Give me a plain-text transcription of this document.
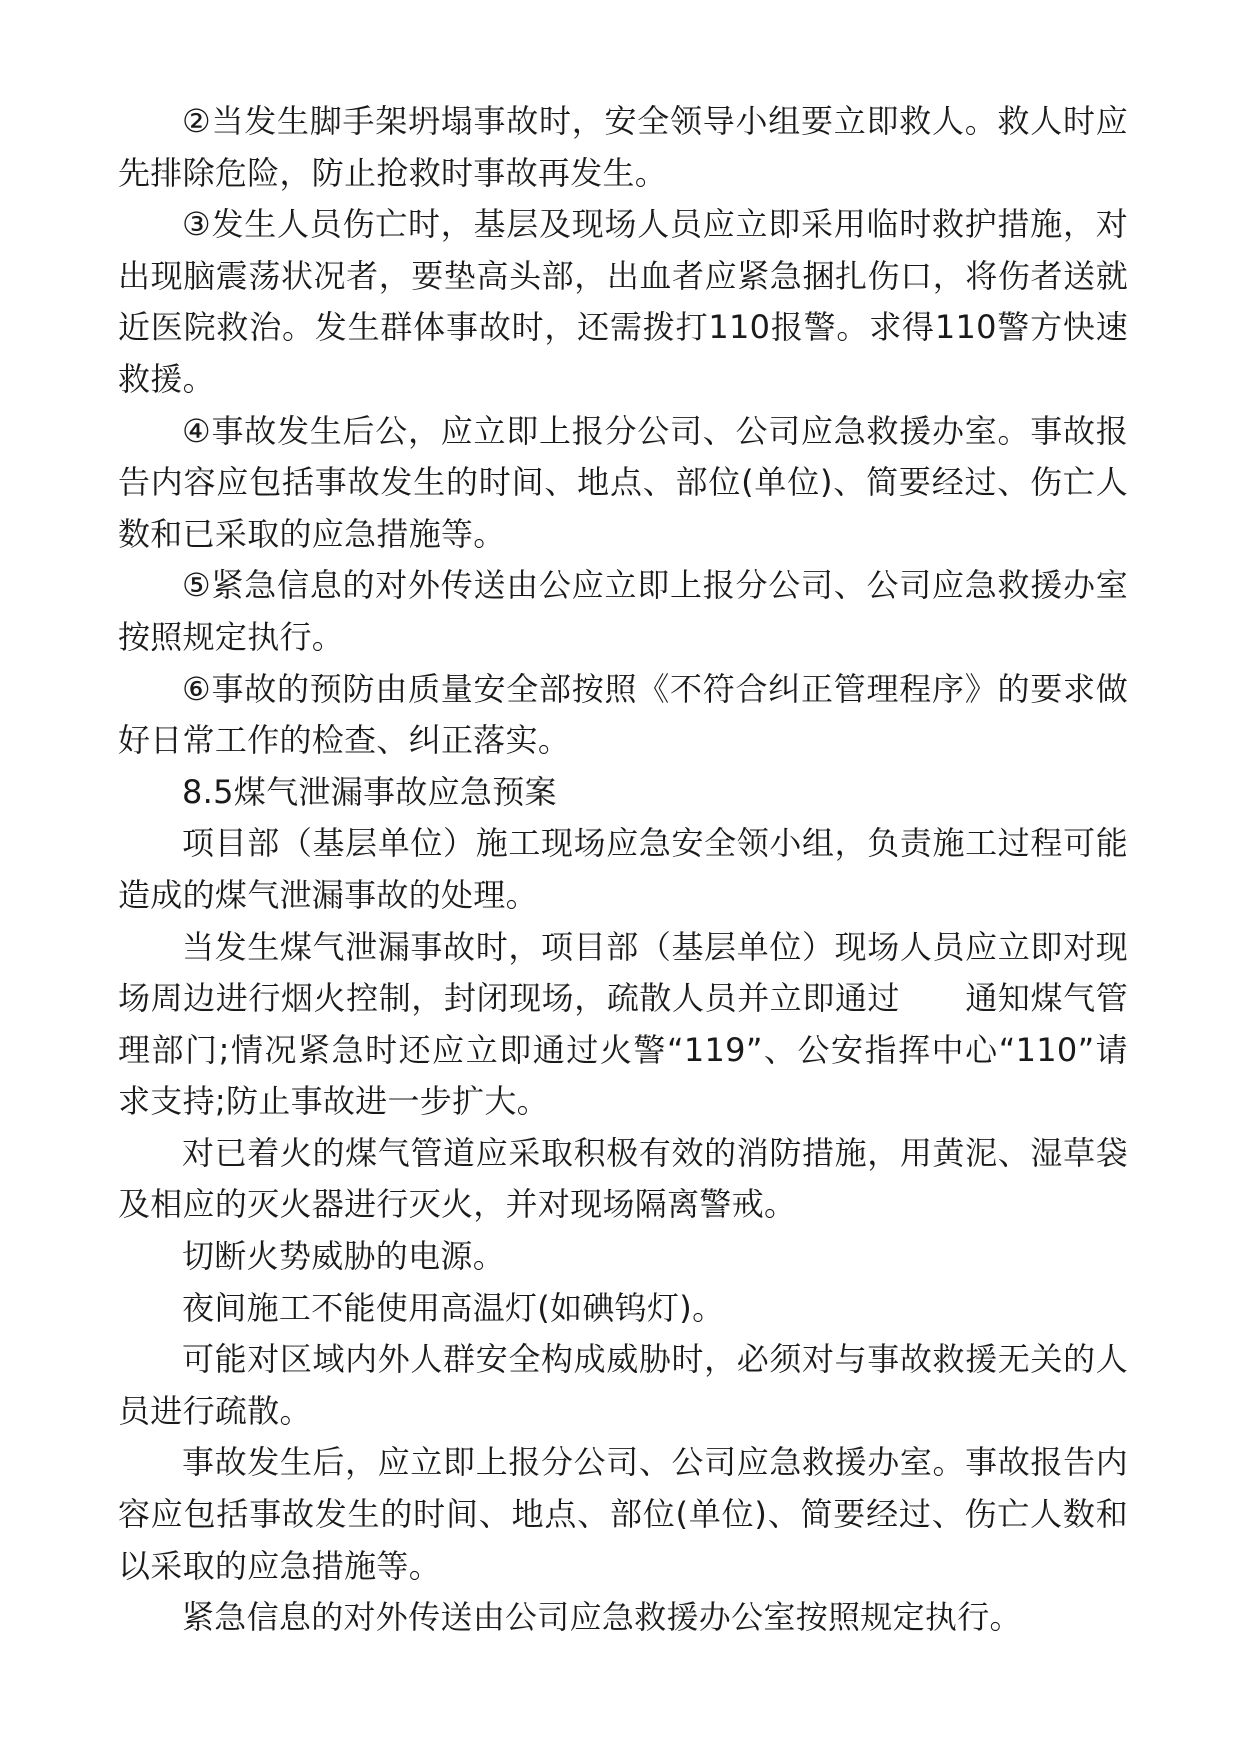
②当发生脚手架坍塌事故时，安全领导小组要立即救人。救人时应先排除危险，防止抢救时事故再发生。

③发生人员伤亡时，基层及现场人员应立即采用临时救护措施，对出现脑震荡状况者，要垫高头部，出血者应紧急捆扎伤口，将伤者送就近医院救治。发生群体事故时，还需拨打110报警。求得110警方快速救援。

④事故发生后公，应立即上报分公司、公司应急救援办室。事故报告内容应包括事故发生的时间、地点、部位(单位)、简要经过、伤亡人数和已采取的应急措施等。

⑤紧急信息的对外传送由公应立即上报分公司、公司应急救援办室按照规定执行。

⑥事故的预防由质量安全部按照《不符合纠正管理程序》的要求做好日常工作的检查、纠正落实。

8.5煤气泄漏事故应急预案

项目部（基层单位）施工现场应急安全领小组，负责施工过程可能造成的煤气泄漏事故的处理。

当发生煤气泄漏事故时，项目部（基层单位）现场人员应立即对现场周边进行烟火控制，封闭现场，疏散人员并立即通过　　通知煤气管理部门;情况紧急时还应立即通过火警“119”、公安指挥中心“110”请求支持;防止事故进一步扩大。

对已着火的煤气管道应采取积极有效的消防措施，用黄泥、湿草袋及相应的灭火器进行灭火，并对现场隔离警戒。

切断火势威胁的电源。

夜间施工不能使用高温灯(如碘钨灯)。

可能对区域内外人群安全构成威胁时，必须对与事故救援无关的人员进行疏散。

事故发生后，应立即上报分公司、公司应急救援办室。事故报告内容应包括事故发生的时间、地点、部位(单位)、简要经过、伤亡人数和以采取的应急措施等。

紧急信息的对外传送由公司应急救援办公室按照规定执行。
